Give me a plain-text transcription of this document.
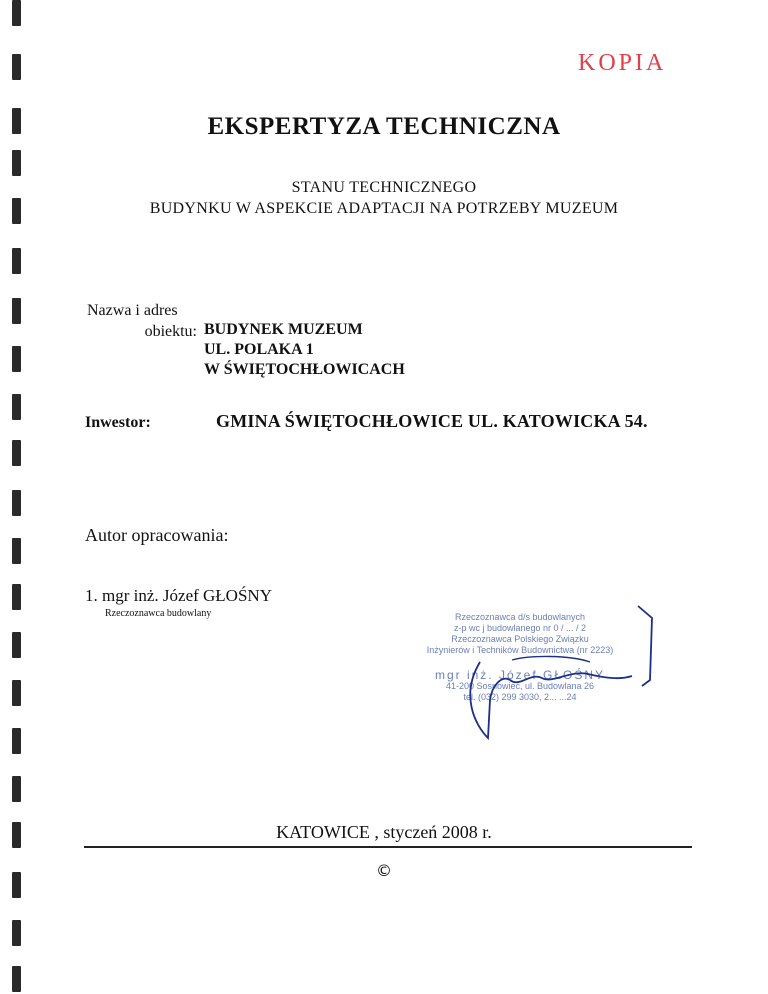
KOPIA
EKSPERTYZA TECHNICZNA
STANU TECHNICZNEGO
BUDYNKU W ASPEKCIE ADAPTACJI NA POTRZEBY MUZEUM
Nazwa i adres
obiektu: BUDYNEK MUZEUM
UL. POLAKA 1
W ŚWIĘTOCHŁOWICACH
Inwestor:	GMINA ŚWIĘTOCHŁOWICE UL. KATOWICKA 54.
Autor opracowania:
1. mgr inż. Józef GŁOŚNY
Rzeczoznawca budowlany	Rzeczoznawca d/s budowlanych
z-p wc j budowlanego nr 0 / ... / 2
Rzeczoznawca Polskiego Związku
Inżynierów i Techników Budownictwa (nr 2223)
mgr inż. Józef GŁOŚNY
41-200 Sosnowiec, ul. Budowlana 26
tel. (032) 299 3030, 2... ...24
KATOWICE , styczeń 2008 r.
©
